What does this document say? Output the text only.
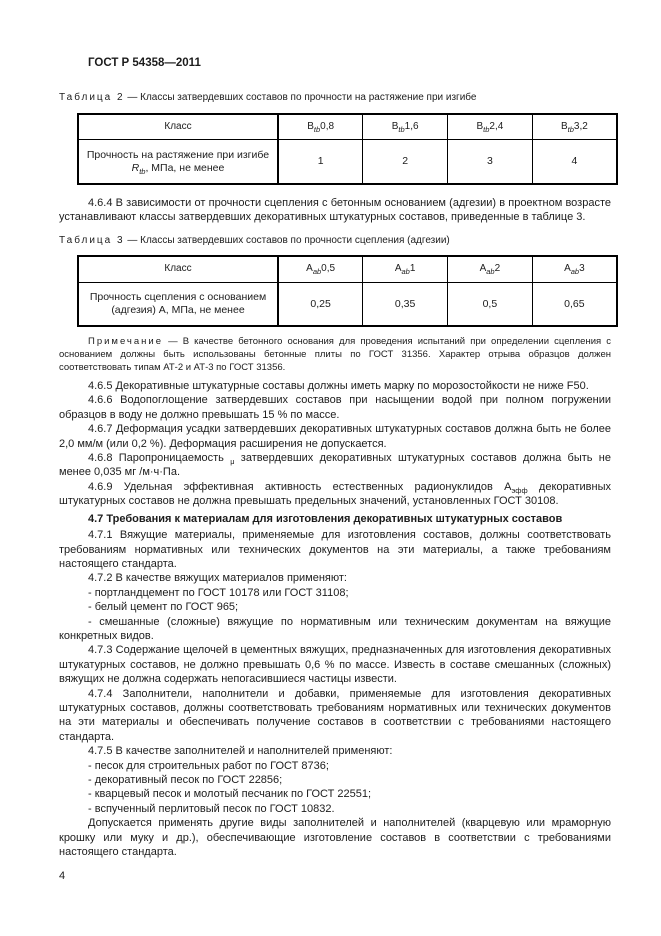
ГОСТ Р 54358—2011

Таблица 2 — Классы затвердевших составов по прочности на растяжение при изгибе

Класс	$B_{tb}0,8$	$B_{tb}1,6$	$B_{tb}2,4$	$B_{tb}3,2$
Прочность на растяжение при изгибе $R_{tb}$, МПа, не менее	1	2	3	4

4.6.4 В зависимости от прочности сцепления с бетонным основанием (адгезии) в проектном возрасте устанавливают классы затвердевших декоративных штукатурных составов, приведенные в таблице 3.

Таблица 3 — Классы затвердевших составов по прочности сцепления (адгезии)

Класс	$A_{ab}0,5$	$A_{ab}1$	$A_{ab}2$	$A_{ab}3$
Прочность сцепления с основанием (адгезия) А, МПа, не менее	0,25	0,35	0,5	0,65

Примечание — В качестве бетонного основания для проведения испытаний при определении сцепления с основанием должны быть использованы бетонные плиты по ГОСТ 31356. Характер отрыва образцов должен соответствовать типам АТ-2 и АТ-3 по ГОСТ 31356.

4.6.5 Декоративные штукатурные составы должны иметь марку по морозостойкости не ниже F50.

4.6.6 Водопоглощение затвердевших составов при насыщении водой при полном погружении образцов в воду не должно превышать 15 % по массе.

4.6.7 Деформация усадки затвердевших декоративных штукатурных составов должна быть не более 2,0 мм/м (или 0,2 %). Деформация расширения не допускается.

4.6.8 Паропроницаемость $_\mu$ затвердевших декоративных штукатурных составов должна быть не менее 0,035 мг /м·ч·Па.

4.6.9 Удельная эффективная активность естественных радионуклидов $А_{эфф}$ декоративных штукатурных составов не должна превышать предельных значений, установленных ГОСТ 30108.

4.7 Требования к материалам для изготовления декоративных штукатурных составов

4.7.1 Вяжущие материалы, применяемые для изготовления составов, должны соответствовать требованиям нормативных или технических документов на эти материалы, а также требованиям настоящего стандарта.

4.7.2 В качестве вяжущих материалов применяют:

- портландцемент по ГОСТ 10178 или ГОСТ 31108;

- белый цемент по ГОСТ 965;

- смешанные (сложные) вяжущие по нормативным или техническим документам на вяжущие конкретных видов.

4.7.3 Содержание щелочей в цементных вяжущих, предназначенных для изготовления декоративных штукатурных составов, не должно превышать 0,6 % по массе. Известь в составе смешанных (сложных) вяжущих не должна содержать непогасившиеся частицы извести.

4.7.4 Заполнители, наполнители и добавки, применяемые для изготовления декоративных штукатурных составов, должны соответствовать требованиям нормативных или технических документов на эти материалы и обеспечивать получение составов в соответствии с требованиями настоящего стандарта.

4.7.5 В качестве заполнителей и наполнителей применяют:

- песок для строительных работ по ГОСТ 8736;

- декоративный песок по ГОСТ 22856;

- кварцевый песок и молотый песчаник по ГОСТ 22551;

- вспученный перлитовый песок по ГОСТ 10832.

Допускается применять другие виды заполнителей и наполнителей (кварцевую или мраморную крошку или муку и др.), обеспечивающие изготовление составов в соответствии с требованиями настоящего стандарта.

4
